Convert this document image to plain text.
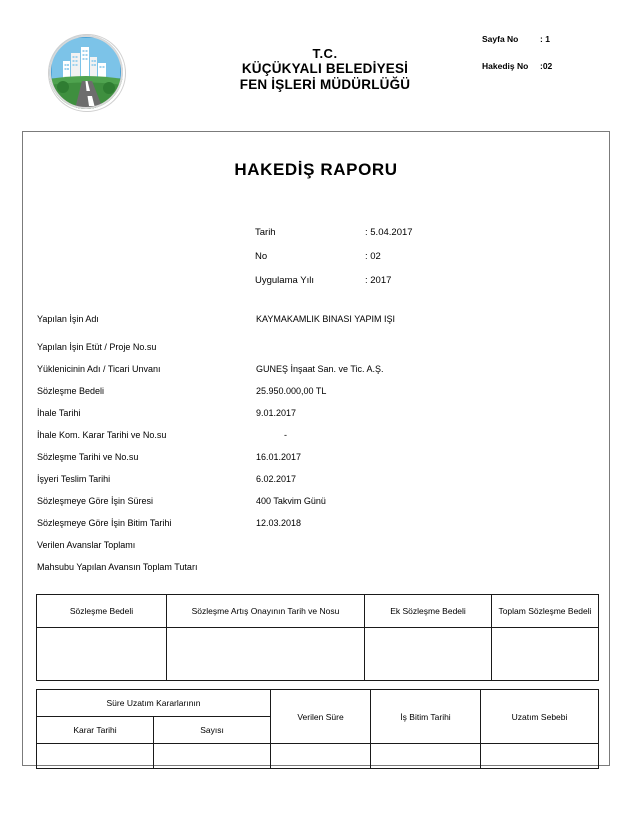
T.C.
KÜÇÜKYALI BELEDİYESİ
FEN İŞLERİ MÜDÜRLÜĞÜ
Sayfa No	: 1
Hakediş No	:02
HAKEDİŞ RAPORU
Tarih	: 5.04.2017
No	: 02
Uygulama Yılı	: 2017
Yapılan İşin Adı	KAYMAKAMLIK BINASI YAPIM IŞI
Yapılan İşin Etüt / Proje No.su
Yüklenicinin Adı / Ticari Unvanı	GUNEŞ İnşaat San. ve Tic. A.Ş.
Sözleşme Bedeli	25.950.000,00 TL
İhale Tarihi	9.01.2017
İhale Kom. Karar Tarihi ve No.su	-
Sözleşme Tarihi ve No.su	16.01.2017
İşyeri Teslim Tarihi	6.02.2017
Sözleşmeye Göre İşin Süresi	400 Takvim Günü
Sözleşmeye Göre İşin Bitim Tarihi	12.03.2018
Verilen Avanslar Toplamı
Mahsubu Yapılan Avansın Toplam Tutarı
Sözleşme Bedeli	Sözleşme Artış Onayının Tarih ve Nosu	Ek Sözleşme Bedeli	Toplam Sözleşme Bedeli

Süre Uzatım Kararlarının		Verilen Süre	İş Bitim Tarihi	Uzatım Sebebi
Karar Tarihi	Sayısı			
